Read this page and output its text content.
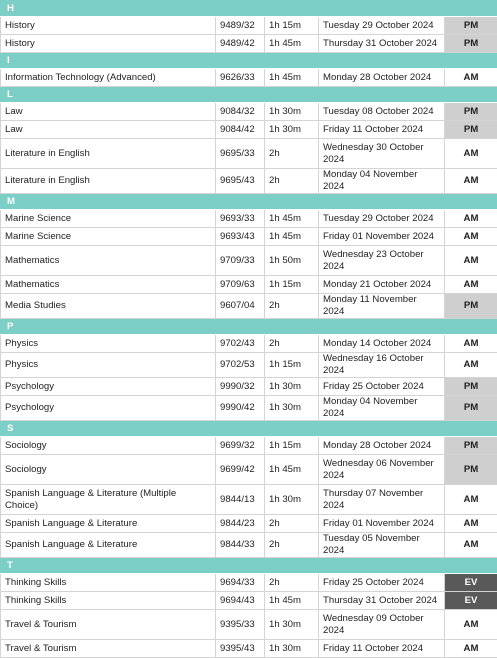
H				
History	9489/32	1h 15m	Tuesday 29 October 2024	PM
History	9489/42	1h 45m	Thursday 31 October 2024	PM
I				
Information Technology (Advanced)	9626/33	1h 45m	Monday 28 October 2024	AM
L				
Law	9084/32	1h 30m	Tuesday 08 October 2024	PM
Law	9084/42	1h 30m	Friday 11 October 2024	PM
Literature in English	9695/33	2h	Wednesday 30 October 2024	AM
Literature in English	9695/43	2h	Monday 04 November 2024	AM
M				
Marine Science	9693/33	1h 45m	Tuesday 29 October 2024	AM
Marine Science	9693/43	1h 45m	Friday 01 November 2024	AM
Mathematics	9709/33	1h 50m	Wednesday 23 October 2024	AM
Mathematics	9709/63	1h 15m	Monday 21 October 2024	AM
Media Studies	9607/04	2h	Monday 11 November 2024	PM
P				
Physics	9702/43	2h	Monday 14 October 2024	AM
Physics	9702/53	1h 15m	Wednesday 16 October 2024	AM
Psychology	9990/32	1h 30m	Friday 25 October 2024	PM
Psychology	9990/42	1h 30m	Monday 04 November 2024	PM
S				
Sociology	9699/32	1h 15m	Monday 28 October 2024	PM
Sociology	9699/42	1h 45m	Wednesday 06 November 2024	PM
Spanish Language & Literature (Multiple Choice)	9844/13	1h 30m	Thursday 07 November 2024	AM
Spanish Language & Literature	9844/23	2h	Friday 01 November 2024	AM
Spanish Language & Literature	9844/33	2h	Tuesday 05 November 2024	AM
T				
Thinking Skills	9694/33	2h	Friday 25 October 2024	EV
Thinking Skills	9694/43	1h 45m	Thursday 31 October 2024	EV
Travel & Tourism	9395/33	1h 30m	Wednesday 09 October 2024	AM
Travel & Tourism	9395/43	1h 30m	Friday 11 October 2024	AM
